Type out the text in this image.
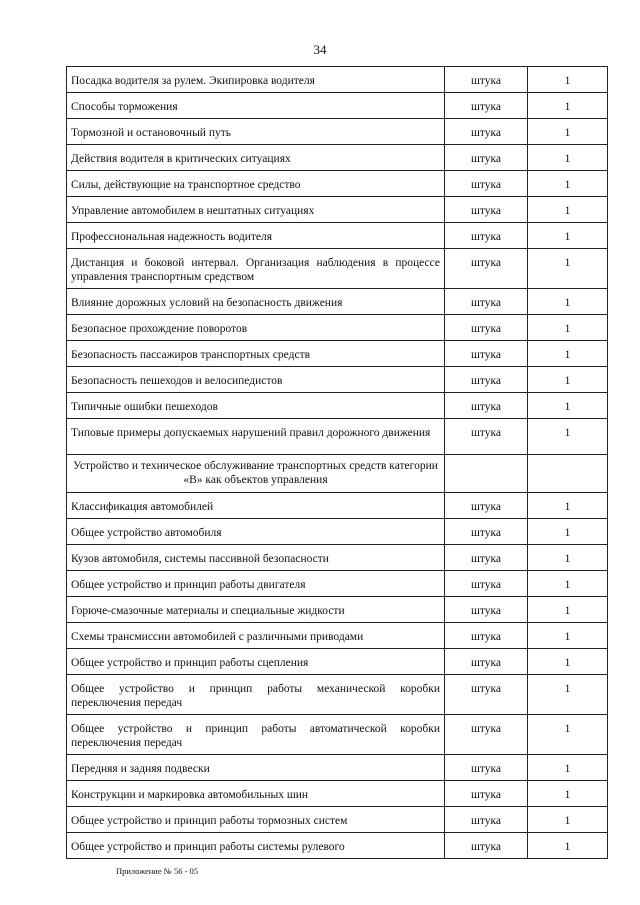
34
Посадка водителя за рулем. Экипировка водителя	штука	1
Способы торможения	штука	1
Тормозной и остановочный путь	штука	1
Действия водителя в критических ситуациях	штука	1
Силы, действующие на транспортное средство	штука	1
Управление автомобилем в нештатных ситуациях	штука	1
Профессиональная надежность водителя	штука	1
Дистанция и боковой интервал. Организация наблюдения в процессе управления транспортным средством	штука	1
Влияние дорожных условий на безопасность движения	штука	1
Безопасное прохождение поворотов	штука	1
Безопасность пассажиров транспортных средств	штука	1
Безопасность пешеходов и велосипедистов	штука	1
Типичные ошибки пешеходов	штука	1
Типовые примеры допускаемых нарушений правил дорожного движения	штука	1
Устройство и техническое обслуживание транспортных средств категории «В» как объектов управления		
Классификация автомобилей	штука	1
Общее устройство автомобиля	штука	1
Кузов автомобиля, системы пассивной безопасности	штука	1
Общее устройство и принцип работы двигателя	штука	1
Горюче-смазочные материалы и специальные жидкости	штука	1
Схемы трансмиссии автомобилей с различными приводами	штука	1
Общее устройство и принцип работы сцепления	штука	1
Общее устройство и принцип работы механической коробки переключения передач	штука	1
Общее устройство и принцип работы автоматической коробки переключения передач	штука	1
Передняя и задняя подвески	штука	1
Конструкции и маркировка автомобильных шин	штука	1
Общее устройство и принцип работы тормозных систем	штука	1
Общее устройство и принцип работы системы рулевого	штука	1
Приложение № 56 - 05
